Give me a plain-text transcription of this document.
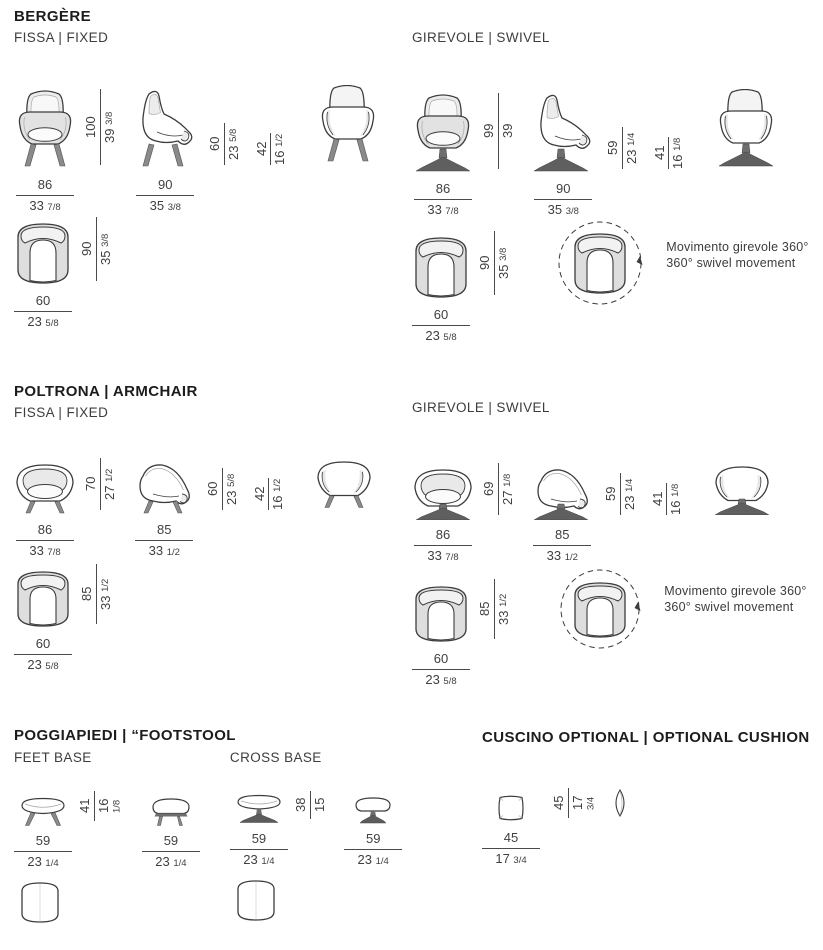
BERGÈRE
FISSA | FIXED
86
33 7/8
100 39 3/8
90
35 3/8
60 23 5/8
42 16 1/2
60
23 5/8
90 35 3/8
GIREVOLE | SWIVEL
86
33 7/8
99 39
90
35 3/8
59 23 1/4
41 16 1/8
60
23 5/8
90 35 3/8
Movimento girevole 360°
360° swivel movement
POLTRONA | ARMCHAIR
FISSA | FIXED
86
33 7/8
70 27 1/2
85
33 1/2
60 23 5/8
42 16 1/2
60
23 5/8
85 33 1/2
GIREVOLE | SWIVEL
86
33 7/8
69 27 1/8
85
33 1/2
59 23 1/4
41 16 1/8
60
23 5/8
85 33 1/2
Movimento girevole 360°
360° swivel movement
POGGIAPIEDI | “FOOTSTOOL
FEET BASE
59
23 1/4
41 16 1/8
59
23 1/4
CROSS BASE
59
23 1/4
38 15
59
23 1/4
CUSCINO OPTIONAL | OPTIONAL CUSHION
45
17 3/4
45 17 3/4
